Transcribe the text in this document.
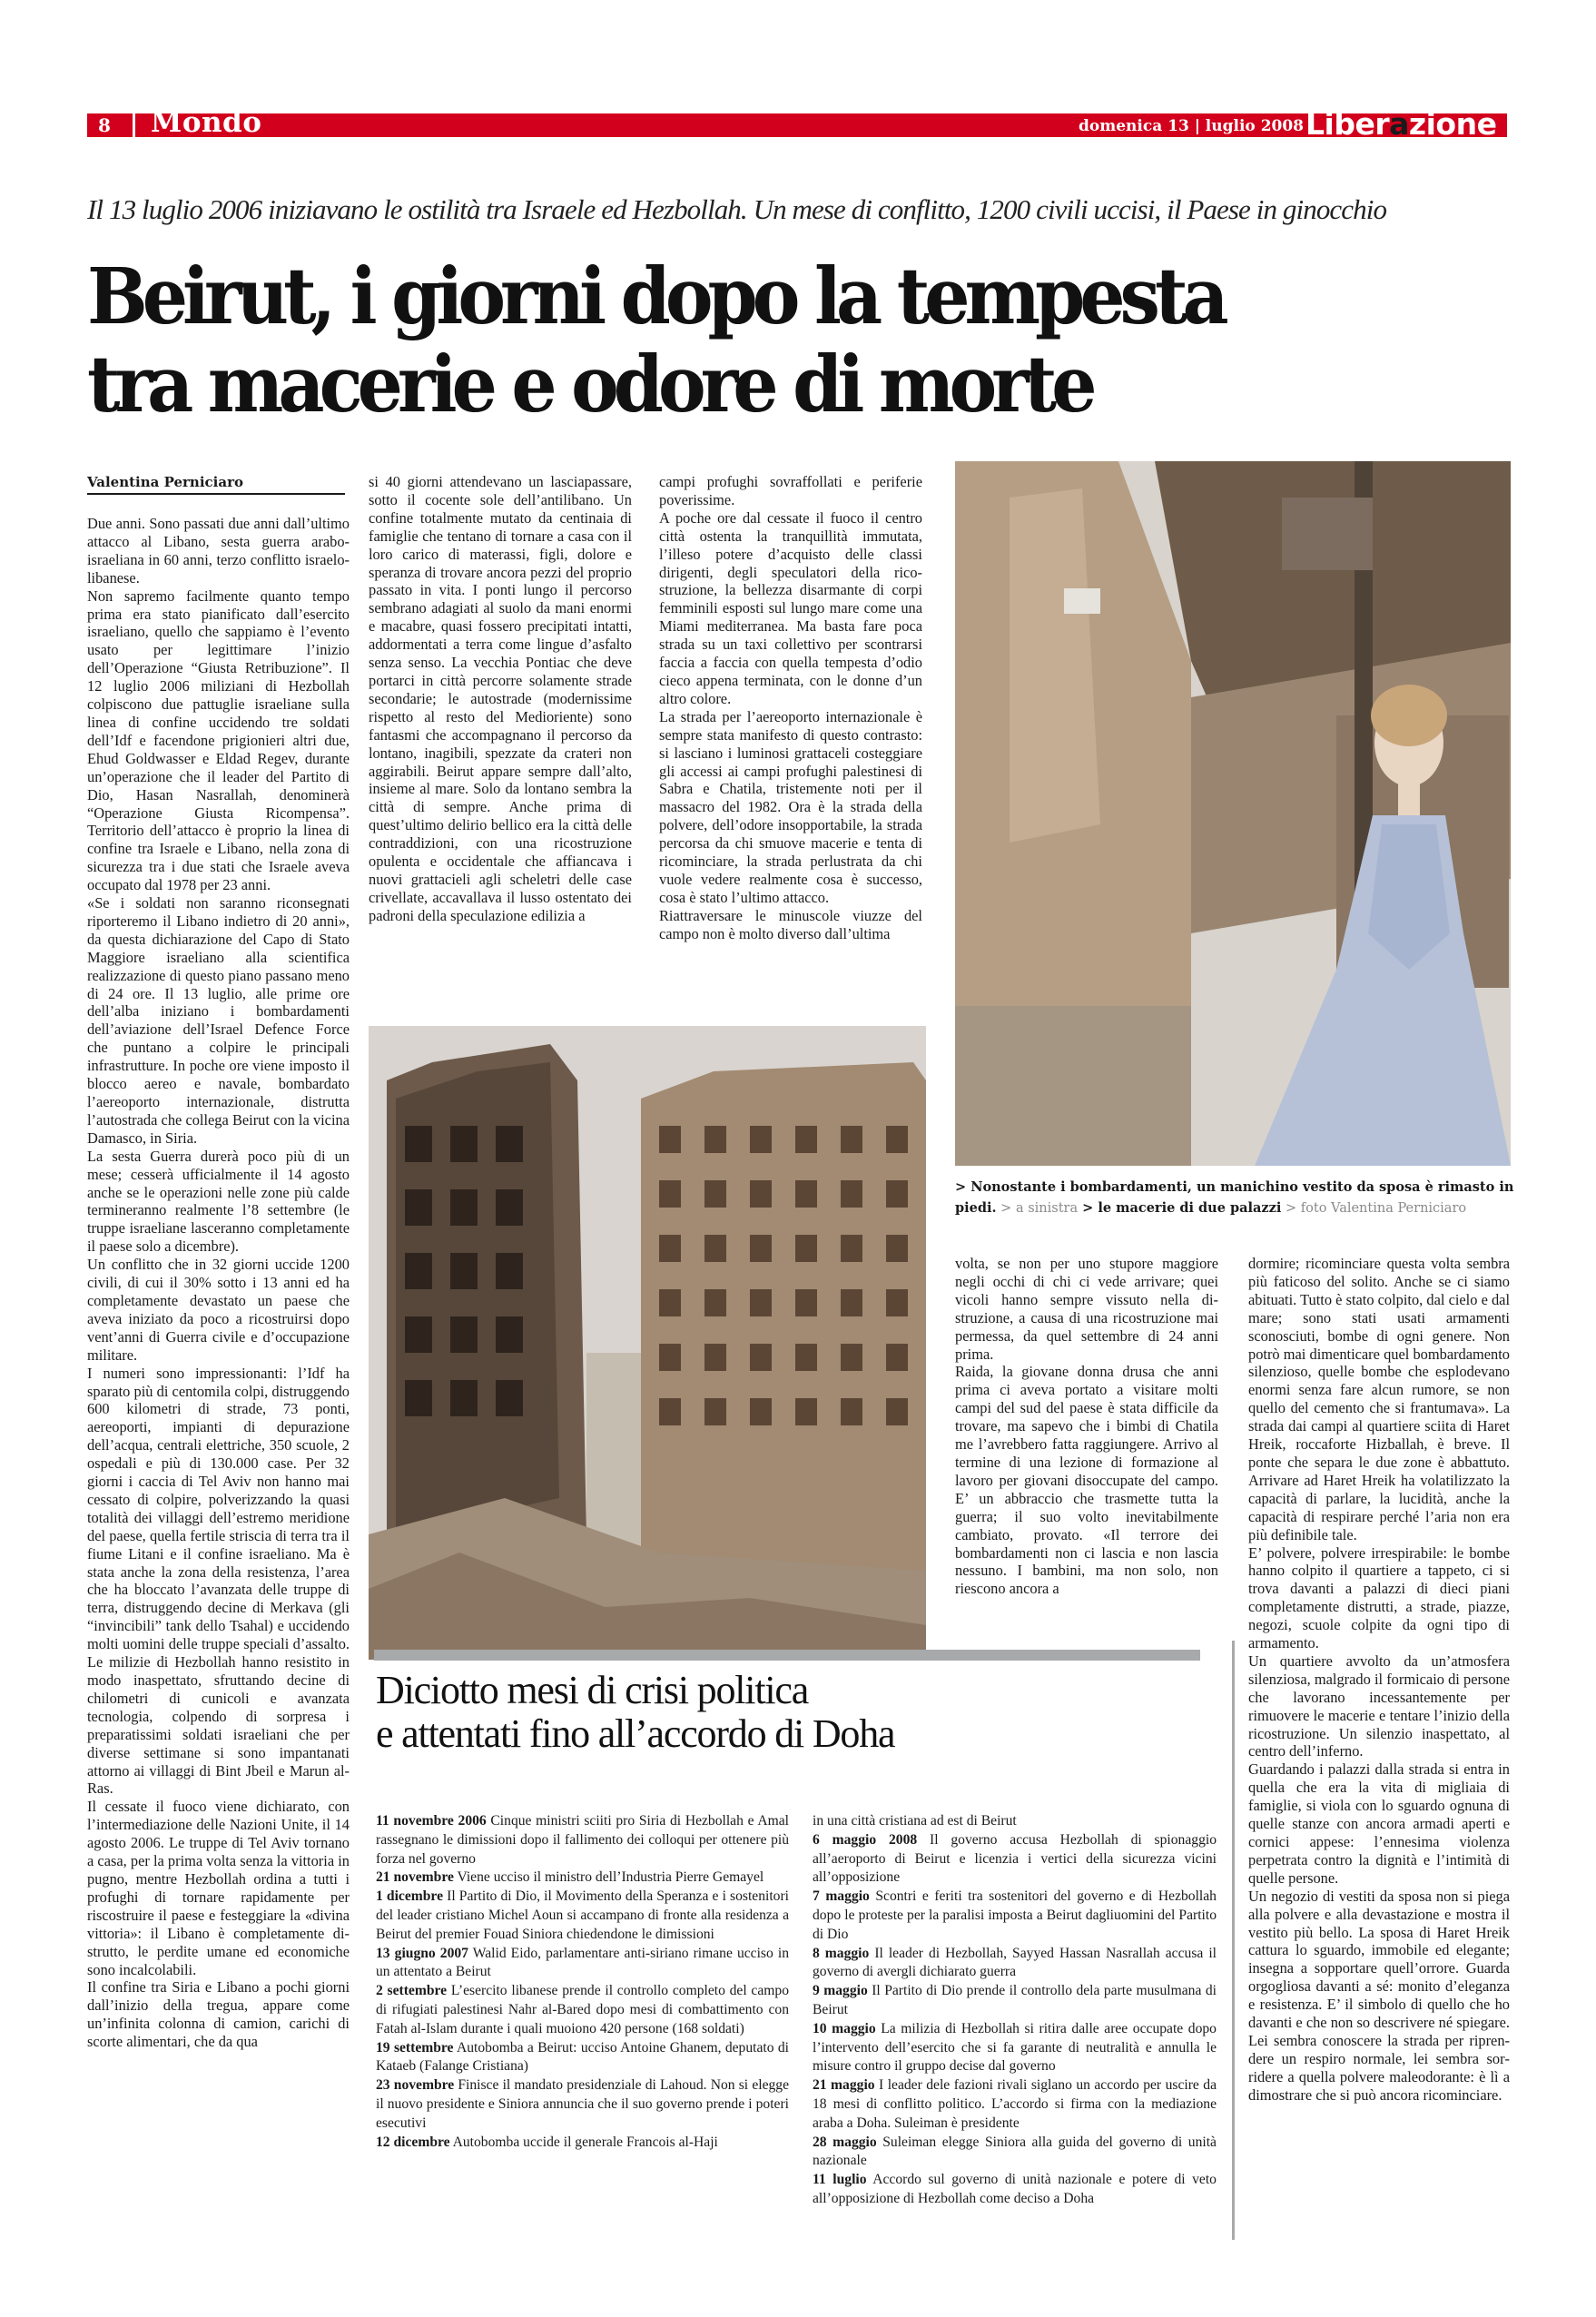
8 Mondo	domenica 13 | luglio 2008 |
Liberazione
Il 13 luglio 2006 iniziavano le ostilità tra Israele ed Hezbollah. Un mese di conflitto, 1200 civili uccisi, il Paese in ginocchio
Beirut, i giorni dopo la tempesta
tra macerie e odore di morte
Valentina Perniciaro

Due anni. Sono passati due anni dall’ultimo attacco al Libano, sesta guerra arabo-israeliana in 60 anni, terzo conflitto israelo-libanese.

Non sapremo facilmente quanto tempo prima era stato pianificato dall’esercito israeliano, quello che sappiamo è l’evento usato per legittimare l’inizio dell’Operazione “Giusta Retribuzione”. Il 12 luglio 2006 miliziani di Hezbollah colpiscono due pattuglie israeliane sulla linea di confine uccidendo tre soldati dell’Idf e facendone prigionieri altri due, Ehud Goldwasser e Eldad Regev, durante un’operazione che il leader del Partito di Dio, Hasan Nasrallah, denominerà “Operazione Giusta Ricompensa”. Territorio dell’attacco è proprio la linea di confine tra Israele e Libano, nella zona di sicurezza tra i due stati che Israele aveva occupato dal 1978 per 23 anni.

«Se i soldati non saranno riconsegnati riporteremo il Libano indietro di 20 anni», da questa dichiarazione del Capo di Stato Maggiore israeliano alla scientifica realizzazione di questo piano passano meno di 24 ore. Il 13 luglio, alle prime ore dell’alba iniziano i bombardamenti dell’aviazione dell’Israel Defence Force che puntano a colpire le principali infrastrutture. In poche ore viene imposto il blocco aereo e navale, bombardato l’aereoporto internazionale, distrutta l’autostrada che collega Beirut con la vicina Damasco, in Siria.

La sesta Guerra durerà poco più di un mese; cesserà ufficialmente il 14 agosto anche se le operazioni nelle zone più calde termineranno realmente l’8 settembre (le truppe israeliane lasceranno completamente il paese solo a dicembre).

Un conflitto che in 32 giorni uccide 1200 civili, di cui il 30% sotto i 13 anni ed ha completamente devastato un paese che aveva iniziato da poco a ricostruirsi dopo vent’anni di Guerra civile e d’occupazione militare.

I numeri sono impressionanti: l’Idf ha sparato più di centomila colpi, distruggendo 600 kilometri di strade, 73 ponti, aereoporti, impianti di depurazione dell’acqua, centrali elettriche, 350 scuole, 2 ospedali e più di 130.000 case. Per 32 giorni i caccia di Tel Aviv non hanno mai cessato di colpire, polverizzando la quasi totalità dei villaggi dell’estremo meridione del paese, quella fertile striscia di terra tra il fiume Litani e il confine israeliano. Ma è stata anche la zona della resistenza, l’area che ha bloccato l’avanzata delle truppe di terra, distruggendo decine di Merkava (gli “invincibili” tank dello Tsahal) e uccidendo molti uomini delle truppe speciali d’assalto. Le milizie di Hezbollah hanno resistito in modo inaspettato, sfruttando decine di chilometri di cunicoli e avanzata tecnologia, colpendo di sorpresa i preparatissimi soldati israeliani che per diverse settimane si sono impantanati attorno ai villaggi di Bint Jbeil e Marun al-Ras.

Il cessate il fuoco viene dichiarato, con l’intermediazione delle Nazioni Unite, il 14 agosto 2006. Le truppe di Tel Aviv tornano a casa, per la prima volta senza la vittoria in pugno, mentre Hezbollah ordina a tutti i profughi di tornare rapidamente per riscostruire il paese e festeggiare la «divina vittoria»: il Libano è completamente distrutto, le perdite umane ed economiche sono incalcolabili.

Il confine tra Siria e Libano a pochi giorni dall’inizio della tregua, appare come un’infinita colonna di camion, carichi di scorte alimentari, che da qua

si 40 giorni attendevano un lasciapassare, sotto il cocente sole dell’antilibano. Un confine totalmente mutato da centinaia di famiglie che tentano di tornare a casa con il loro carico di materassi, figli, dolore e speranza di trovare ancora pezzi del proprio passato in vita. I ponti lungo il percorso sembrano adagiati al suolo da mani enormi e macabre, quasi fossero precipitati intatti, addormentati a terra come lingue d’asfalto senza senso. La vecchia Pontiac che deve portarci in città percorre solamente strade secondarie; le autostrade (modernissime rispetto al resto del Medioriente) sono fantasmi che accompagnano il percorso da lontano, inagibili, spezzate da crateri non aggirabili. Beirut appare sempre dall’alto, insieme al mare. Solo da lontano sembra la città di sempre. Anche prima di quest’ultimo delirio bellico era la città delle contraddizioni, con una ricostruzione opulenta e occidentale che affiancava i nuovi grattacieli agli scheletri delle case crivellate, accavallava il lusso ostentato dei padroni della speculazione edilizia a

campi profughi sovraffollati e periferie poverissime.

A poche ore dal cessate il fuoco il centro città ostenta la tranquillità immutata, l’illeso potere d’acquisto delle classi dirigenti, degli speculatori della ricostruzione, la bellezza disarmante di corpi femminili esposti sul lungo mare come una Miami mediterranea. Ma basta fare poca strada su un taxi collettivo per scontrarsi faccia a faccia con quella tempesta d’odio cieco appena terminata, con le donne d’un altro colore.

La strada per l’aereoporto internazionale è sempre stata manifesto di questo contrasto: si lasciano i luminosi grattaceli costeggiare gli accessi ai campi profughi palestinesi di Sabra e Chatila, tristemente noti per il massacro del 1982. Ora è la strada della polvere, dell’odore insopportabile, la strada percorsa da chi smuove macerie e tenta di ricominciare, la strada perlustrata da chi vuole vedere realmente cosa è successo, cosa è stato l’ultimo attacco.

Riattraversare le minuscole viuzze del campo non è molto diverso dall’ultima

volta, se non per uno stupore maggiore negli occhi di chi ci vede arrivare; quei vicoli hanno sempre vissuto nella distruzione, a causa di una ricostruzione mai permessa, da quel settembre di 24 anni prima.

Raida, la giovane donna drusa che anni prima ci aveva portato a visitare molti campi del sud del paese è stata difficile da trovare, ma sapevo che i bimbi di Chatila me l’avrebbero fatta raggiungere. Arrivo al termine di una lezione di formazione al lavoro per giovani disoccupate del campo. E’ un abbraccio che trasmette tutta la guerra; il suo volto inevitabilmente cambiato, provato. «Il terrore dei bombardamenti non ci lascia e non lascia nessuno. I bambini, ma non solo, non riescono ancora a

dormire; ricominciare questa volta sembra più faticoso del solito. Anche se ci siamo abituati. Tutto è stato colpito, dal cielo e dal mare; sono stati usati armamenti sconosciuti, bombe di ogni genere. Non potrò mai dimenticare quel bombardamento silenzioso, quelle bombe che esplodevano enormi senza fare alcun rumore, se non quello del cemento che si frantumava». La strada dai campi al quartiere sciita di Haret Hreik, roccaforte Hizballah, è breve. Il ponte che separa le due zone è abbattuto. Arrivare ad Haret Hreik ha volatilizzato la capacità di parlare, la lucidità, anche la capacità di respirare perché l’aria non era più definibile tale.

E’ polvere, polvere irrespirabile: le bombe hanno colpito il quartiere a tappeto, ci si trova davanti a palazzi di dieci piani completamente distrutti, a strade, piazze, negozi, scuole colpite da ogni tipo di armamento.

Un quartiere avvolto da un’atmosfera silenziosa, malgrado il formicaio di persone che lavorano incessantemente per rimuovere le macerie e tentare l’inizio della ricostruzione. Un silenzio inaspettato, al centro dell’inferno.

Guardando i palazzi dalla strada si entra in quella che era la vita di migliaia di famiglie, si viola con lo sguardo ognuna di quelle stanze con ancora armadi aperti e cornici appese: l’ennesima violenza perpetrata contro la dignità e l’intimità di quelle persone.

Un negozio di vestiti da sposa non si piega alla polvere e alla devastazione e mostra il vestito più bello. La sposa di Haret Hreik cattura lo sguardo, immobile ed elegante; insegna a sopportare quell’orrore. Guarda orgogliosa davanti a sé: monito d’eleganza e resistenza. E’ il simbolo di quello che ho davanti e che non so descrivere né spiegare. Lei sembra conoscere la strada per riprendere un respiro normale, lei sembra sorridere a quella polvere maleodorante: è lì a dimostrare che si può ancora ricominciare.

> Nonostante i bombardamenti, un manichino vestito da sposa è rimasto in piedi. > a sinistra > le macerie di due palazzi > foto Valentina Perniciaro
Diciotto mesi di crisi politica
e attentati fino all’accordo di Doha

11 novembre 2006 Cinque ministri sciiti pro Siria di Hezbollah e Amal rassegnano le dimissioni dopo il fallimento dei colloqui per ottenere più forza nel governo

21 novembre Viene ucciso il ministro dell’Industria Pierre Gemayel

1 dicembre Il Partito di Dio, il Movimento della Speranza e i sostenitori del leader cristiano Michel Aoun si accampano di fronte alla residenza a Beirut del premier Fouad Siniora chiedendone le dimissioni

13 giugno 2007 Walid Eido, parlamentare anti-siriano rimane ucciso in un attentato a Beirut

2 settembre L’esercito libanese prende il controllo completo del campo di rifugiati palestinesi Nahr al-Bared dopo mesi di combattimento con Fatah al-Islam durante i quali muoiono 420 persone (168 soldati)

19 settembre Autobomba a Beirut: ucciso Antoine Ghanem, deputato di Kataeb (Falange Cristiana)

23 novembre Finisce il mandato presidenziale di Lahoud. Non si elegge il nuovo presidente e Siniora annuncia che il suo governo prende i poteri esecutivi

12 dicembre Autobomba uccide il generale Francois al-Haji

in una città cristiana ad est di Beirut

6 maggio 2008 Il governo accusa Hezbollah di spionaggio all’aeroporto di Beirut e licenzia i vertici della sicurezza vicini all’opposizione

7 maggio Scontri e feriti tra sostenitori del governo e di Hezbollah dopo le proteste per la paralisi imposta a Beirut dagliuomini del Partito di Dio

8 maggio Il leader di Hezbollah, Sayyed Hassan Nasrallah accusa il governo di avergli dichiarato guerra

9 maggio Il Partito di Dio prende il controllo dela parte musulmana di Beirut

10 maggio La milizia di Hezbollah si ritira dalle aree occupate dopo l’intervento dell’esercito che si fa garante di neutralità e annulla le misure contro il gruppo decise dal governo

21 maggio I leader dele fazioni rivali siglano un accordo per uscire da 18 mesi di conflitto politico. L’accordo si firma con la mediazione araba a Doha. Suleiman è presidente

28 maggio Suleiman elegge Siniora alla guida del governo di unità nazionale

11 luglio Accordo sul governo di unità nazionale e potere di veto all’opposizione di Hezbollah come deciso a Doha
